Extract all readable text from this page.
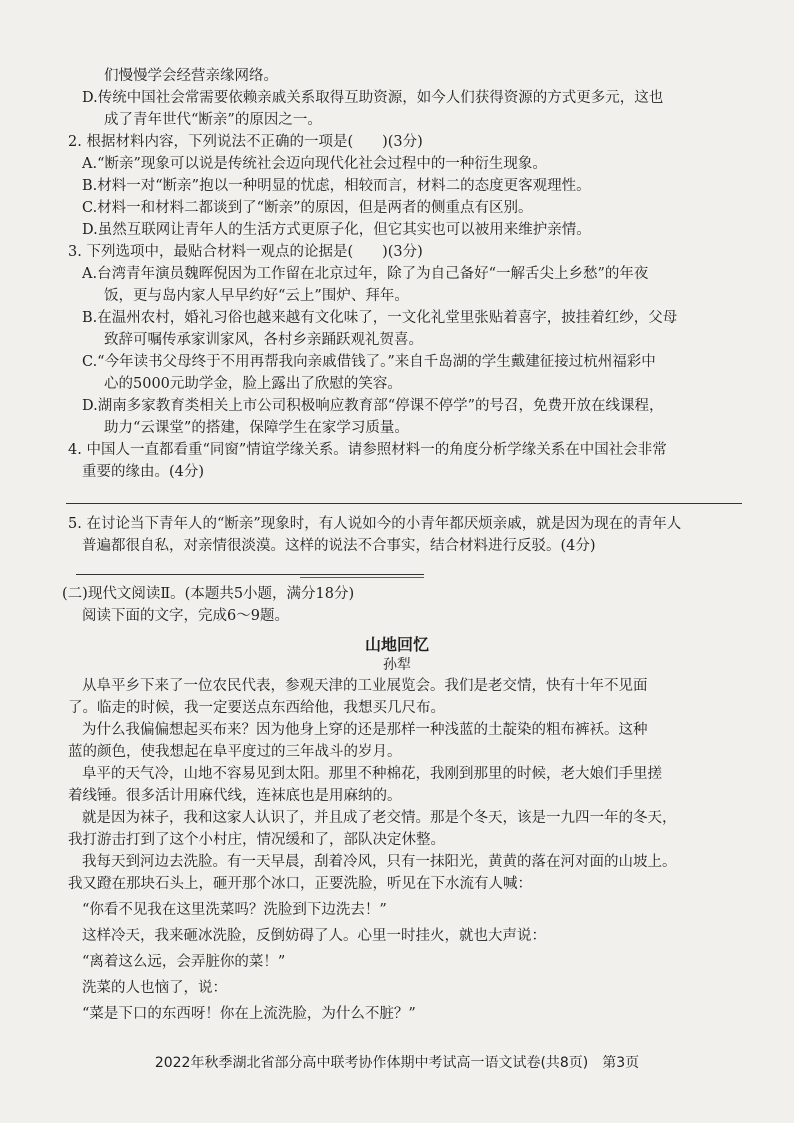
们慢慢学会经营亲缘网络。
D.传统中国社会常需要依赖亲戚关系取得互助资源，如今人们获得资源的方式更多元，这也
成了青年世代“断亲”的原因之一。
2. 根据材料内容，下列说法不正确的一项是(　　)(3分)
A.“断亲”现象可以说是传统社会迈向现代化社会过程中的一种衍生现象。
B.材料一对“断亲”抱以一种明显的忧虑，相较而言，材料二的态度更客观理性。
C.材料一和材料二都谈到了“断亲”的原因，但是两者的侧重点有区别。
D.虽然互联网让青年人的生活方式更原子化，但它其实也可以被用来维护亲情。
3. 下列选项中，最贴合材料一观点的论据是(　　)(3分)
A.台湾青年演员魏晖倪因为工作留在北京过年，除了为自己备好“一解舌尖上乡愁”的年夜
饭，更与岛内家人早早约好“云上”围炉、拜年。
B.在温州农村，婚礼习俗也越来越有文化味了，一文化礼堂里张贴着喜字，披挂着红纱，父母
致辞可嘱传承家训家风，各村乡亲踊跃观礼贺喜。
C.“今年读书父母终于不用再帮我向亲戚借钱了。”来自千岛湖的学生戴建征接过杭州福彩中
心的5000元助学金，脸上露出了欣慰的笑容。
D.湖南多家教育类相关上市公司积极响应教育部“停课不停学”的号召，免费开放在线课程，
助力“云课堂”的搭建，保障学生在家学习质量。
4. 中国人一直都看重“同窗”情谊学缘关系。请参照材料一的角度分析学缘关系在中国社会非常
重要的缘由。(4分)
5. 在讨论当下青年人的“断亲”现象时，有人说如今的小青年都厌烦亲戚，就是因为现在的青年人
普遍都很自私，对亲情很淡漠。这样的说法不合事实，结合材料进行反驳。(4分)
(二)现代文阅读Ⅱ。(本题共5小题，满分18分)
阅读下面的文字，完成6～9题。
山地回忆
孙犁
从阜平乡下来了一位农民代表，参观天津的工业展览会。我们是老交情，快有十年不见面
了。临走的时候，我一定要送点东西给他，我想买几尺布。
为什么我偏偏想起买布来？因为他身上穿的还是那样一种浅蓝的土靛染的粗布裤袄。这种
蓝的颜色，使我想起在阜平度过的三年战斗的岁月。
阜平的天气冷，山地不容易见到太阳。那里不种棉花，我刚到那里的时候，老大娘们手里搓
着线锤。很多活计用麻代线，连袜底也是用麻纳的。
就是因为袜子，我和这家人认识了，并且成了老交情。那是个冬天，该是一九四一年的冬天，
我打游击打到了这个小村庄，情况缓和了，部队决定休整。
我每天到河边去洗脸。有一天早晨，刮着冷风，只有一抹阳光，黄黄的落在河对面的山坡上。
我又蹬在那块石头上，砸开那个冰口，正要洗脸，听见在下水流有人喊：
“你看不见我在这里洗菜吗？洗脸到下边洗去！”
这样冷天，我来砸冰洗脸，反倒妨碍了人。心里一时挂火，就也大声说：
“离着这么远，会弄脏你的菜！”
洗菜的人也恼了，说：
“菜是下口的东西呀！你在上流洗脸，为什么不脏？”
2022年秋季湖北省部分高中联考协作体期中考试高一语文试卷(共8页)　第3页
